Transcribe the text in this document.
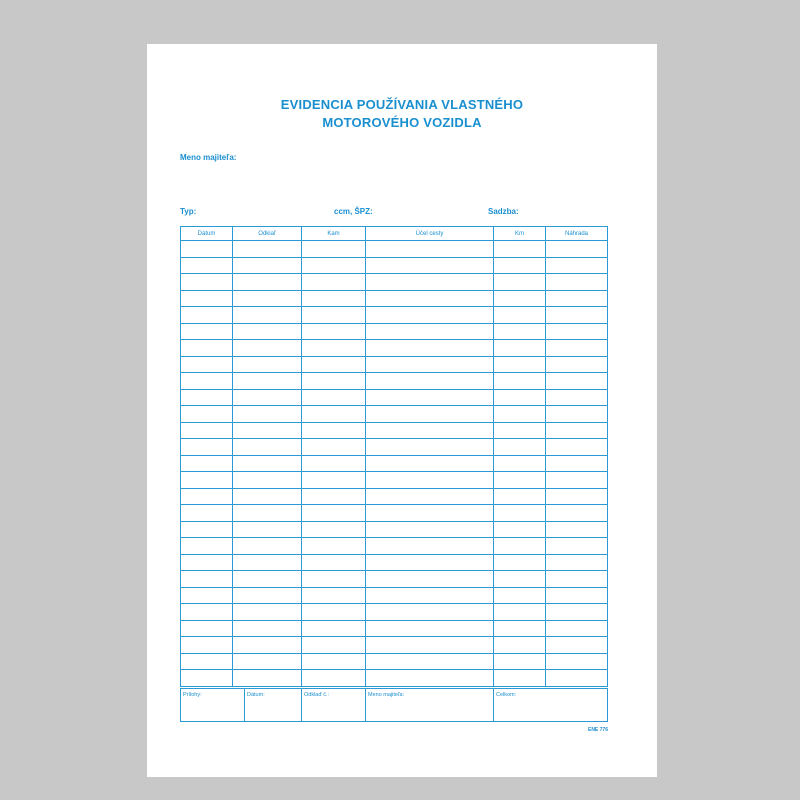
EVIDENCIA POUŽÍVANIA VLASTNÉHO
MOTOROVÉHO VOZIDLA
Meno majiteľa:
Typ:	ccm, ŠPZ:	Sadzba:
Dátum	Odkiaľ	Kam	Účel cesty	Km	Náhrada

Prílohy:	Dátum:	Odklaď č.:	Meno majiteľa:	Celkom:
ENE 776
